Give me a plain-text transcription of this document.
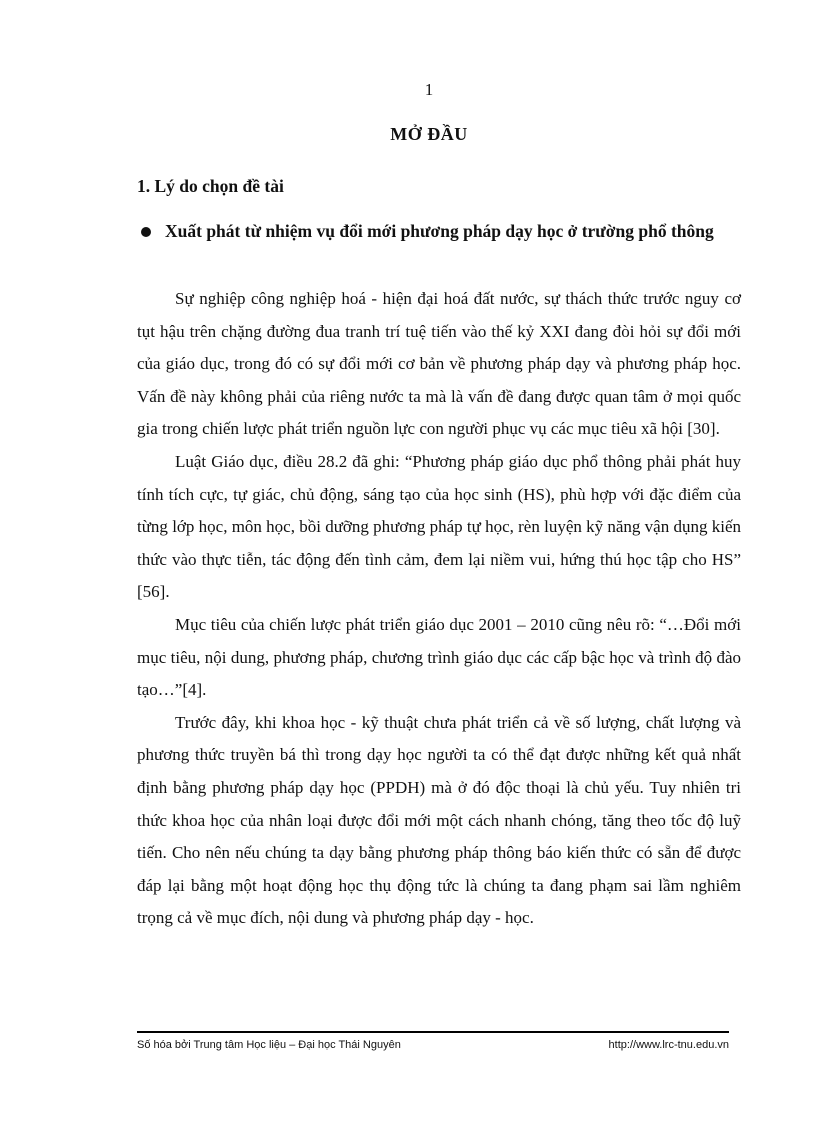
1
MỞ ĐẦU
1. Lý do chọn đề tài
Xuất phát từ nhiệm vụ đổi mới phương pháp dạy học ở trường phổ thông

Sự nghiệp công nghiệp hoá - hiện đại hoá đất nước, sự thách thức trước nguy cơ tụt hậu trên chặng đường đua tranh trí tuệ tiến vào thế kỷ XXI đang đòi hỏi sự đổi mới của giáo dục, trong đó có sự đổi mới cơ bản về phương pháp dạy và phương pháp học. Vấn đề này không phải của riêng nước ta mà là vấn đề đang được quan tâm ở mọi quốc gia trong chiến lược phát triển nguồn lực con người phục vụ các mục tiêu xã hội [30].

Luật Giáo dục, điều 28.2 đã ghi: “Phương pháp giáo dục phổ thông phải phát huy tính tích cực, tự giác, chủ động, sáng tạo của học sinh (HS), phù hợp với đặc điểm của từng lớp học, môn học, bồi dưỡng phương pháp tự học, rèn luyện kỹ năng vận dụng kiến thức vào thực tiễn, tác động đến tình cảm, đem lại niềm vui, hứng thú học tập cho HS” [56].

Mục tiêu của chiến lược phát triển giáo dục 2001 – 2010 cũng nêu rõ: “…Đổi mới mục tiêu, nội dung, phương pháp, chương trình giáo dục các cấp bậc học và trình độ đào tạo…”[4].

Trước đây, khi khoa học - kỹ thuật chưa phát triển cả về số lượng, chất lượng và phương thức truyền bá thì trong dạy học người ta có thể đạt được những kết quả nhất định bằng phương pháp dạy học (PPDH) mà ở đó độc thoại là chủ yếu. Tuy nhiên tri thức khoa học của nhân loại được đổi mới một cách nhanh chóng, tăng theo tốc độ luỹ tiến. Cho nên nếu chúng ta dạy bằng phương pháp thông báo kiến thức có sẵn để được đáp lại bằng một hoạt động học thụ động tức là chúng ta đang phạm sai lầm nghiêm trọng cả về mục đích, nội dung và phương pháp dạy - học.

Số hóa bởi Trung tâm Học liệu – Đại học Thái Nguyên	http://www.lrc-tnu.edu.vn
